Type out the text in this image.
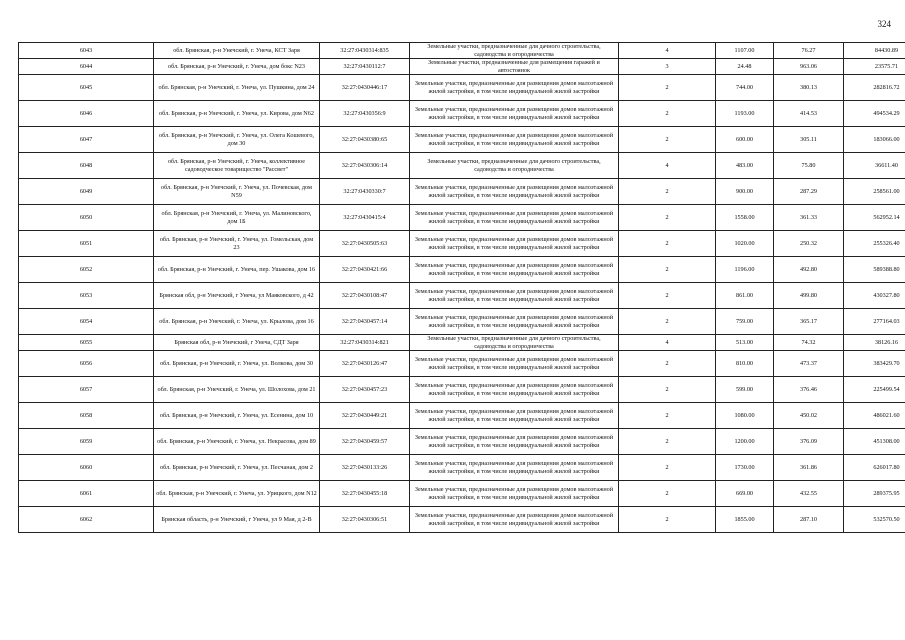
324
6043	обл. Брянская, р-н Унечский, г. Унеча, КСТ Заря	32:27:0430314:835	Земельные участки, предназначенные для дачного строительства, садоводства и огородничества	4	1107.00	76.27	84430.89
6044	обл. Брянская, р-н Унечский, г. Унеча, дом бокс N23	32:27:0430112:7	Земельные участки, предназначенные для размещения гаражей и автостоянок	3	24.48	963.06	23575.71
6045	обл. Брянская, р-н Унечский, г. Унеча, ул. Пушкина, дом 24	32:27:0430446:17	Земельные участки, предназначенные для размещения домов малоэтажной жилой застройки, в том числе индивидуальной жилой застройки	2	744.00	380.13	282816.72
6046	обл. Брянская, р-н Унечский, г. Унеча, ул. Кирова, дом N62	32:27:0430356:9	Земельные участки, предназначенные для размещения домов малоэтажной жилой застройки, в том числе индивидуальной жилой застройки	2	1193.00	414.53	494534.29
6047	обл. Брянская, р-н Унечский, г. Унеча, ул. Олега Кошевого, дом 30	32:27:0430380:65	Земельные участки, предназначенные для размещения домов малоэтажной жилой застройки, в том числе индивидуальной жилой застройки	2	600.00	305.11	183066.00
6048	обл. Брянская, р-н Унечский, г. Унеча, коллективное садоводческое товарищество "Рассвет"	32:27:0430306:14	Земельные участки, предназначенные для дачного строительства, садоводства и огородничества	4	483.00	75.80	36611.40
6049	обл. Брянская, р-н Унечский, г. Унеча, ул. Почевская, дом N59	32:27:0430330:7	Земельные участки, предназначенные для размещения домов малоэтажной жилой застройки, в том числе индивидуальной жилой застройки	2	900.00	287.29	258561.00
6050	обл. Брянская, р-н Унечский, г. Унеча, ул. Малиновского, дом 1Б	32:27:0430415:4	Земельные участки, предназначенные для размещения домов малоэтажной жилой застройки, в том числе индивидуальной жилой застройки	2	1558.00	361.33	562952.14
6051	обл. Брянская, р-н Унечский, г. Унеча, ул. Гомельская, дом 23	32:27:0430505:63	Земельные участки, предназначенные для размещения домов малоэтажной жилой застройки, в том числе индивидуальной жилой застройки	2	1020.00	250.32	255326.40
6052	обл. Брянская, р-н Унечский, г. Унеча, пер. Ушакова, дом 16	32:27:0430421:66	Земельные участки, предназначенные для размещения домов малоэтажной жилой застройки, в том числе индивидуальной жилой застройки	2	1196.00	492.80	589388.80
6053	Брянская обл, р-н Унечский, г Унеча, ул Маяковского, д 42	32:27:0430108:47	Земельные участки, предназначенные для размещения домов малоэтажной жилой застройки, в том числе индивидуальной жилой застройки	2	861.00	499.80	430327.80
6054	обл. Брянская, р-н Унечский, г. Унеча, ул. Крылова, дом 16	32:27:0430457:14	Земельные участки, предназначенные для размещения домов малоэтажной жилой застройки, в том числе индивидуальной жилой застройки	2	759.00	365.17	277164.03
6055	Брянская обл, р-н Унечский, г Унеча, СДТ Заря	32:27:0430314:821	Земельные участки, предназначенные для дачного строительства, садоводства и огородничества	4	513.00	74.32	38126.16
6056	обл. Брянская, р-н Унечский, г. Унеча, ул. Волкова, дом 30	32:27:0430126:47	Земельные участки, предназначенные для размещения домов малоэтажной жилой застройки, в том числе индивидуальной жилой застройки	2	810.00	473.37	383429.70
6057	обл. Брянская, р-н Унечский, г. Унеча, ул. Шолохова, дом 21	32:27:0430457:23	Земельные участки, предназначенные для размещения домов малоэтажной жилой застройки, в том числе индивидуальной жилой застройки	2	599.00	376.46	225499.54
6058	обл. Брянская, р-н Унечский, г. Унеча, ул. Есенина, дом 10	32:27:0430449:21	Земельные участки, предназначенные для размещения домов малоэтажной жилой застройки, в том числе индивидуальной жилой застройки	2	1080.00	450.02	486021.60
6059	обл. Брянская, р-н Унечский, г. Унеча, ул. Некрасова, дом 89	32:27:0430459:57	Земельные участки, предназначенные для размещения домов малоэтажной жилой застройки, в том числе индивидуальной жилой застройки	2	1200.00	376.09	451308.00
6060	обл. Брянская, р-н Унечский, г. Унеча, ул. Песчаная, дом 2	32:27:0430133:26	Земельные участки, предназначенные для размещения домов малоэтажной жилой застройки, в том числе индивидуальной жилой застройки	2	1730.00	361.86	626017.80
6061	обл. Брянская, р-н Унечский, г. Унеча, ул. Урицкого, дом N12	32:27:0430455:18	Земельные участки, предназначенные для размещения домов малоэтажной жилой застройки, в том числе индивидуальной жилой застройки	2	669.00	432.55	289375.95
6062	Брянская область, р-н Унечский, г Унеча, ул 9 Мая, д 2-В	32:27:0430306:51	Земельные участки, предназначенные для размещения домов малоэтажной жилой застройки, в том числе индивидуальной жилой застройки	2	1855.00	287.10	532570.50
